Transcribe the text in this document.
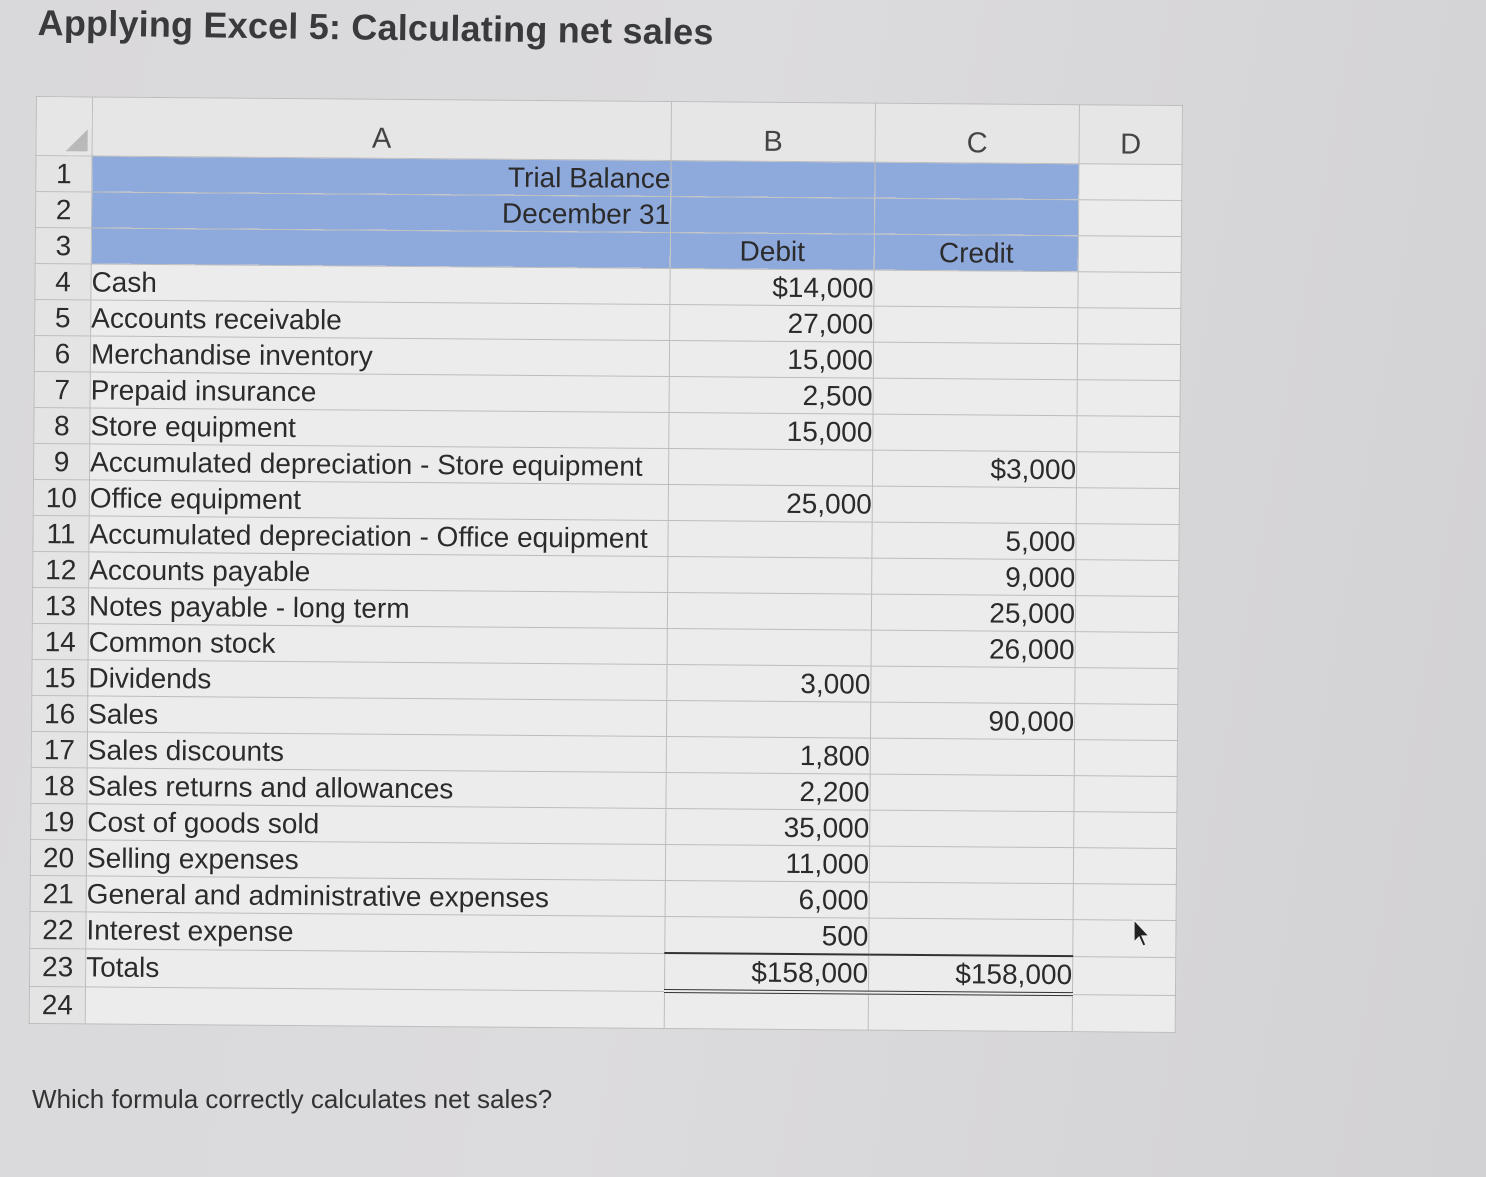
Applying Excel 5: Calculating net sales
	A	B	C	D
1	Trial Balance			
2	December 31			
3		Debit	Credit	
4	Cash	$14,000		
5	Accounts receivable	27,000		
6	Merchandise inventory	15,000		
7	Prepaid insurance	2,500		
8	Store equipment	15,000		
9	Accumulated depreciation - Store equipment		$3,000	
10	Office equipment	25,000		
11	Accumulated depreciation - Office equipment		5,000	
12	Accounts payable		9,000	
13	Notes payable - long term		25,000	
14	Common stock		26,000	
15	Dividends	3,000		
16	Sales		90,000	
17	Sales discounts	1,800		
18	Sales returns and allowances	2,200		
19	Cost of goods sold	35,000		
20	Selling expenses	11,000		
21	General and administrative expenses	6,000		
22	Interest expense	500		
23	Totals	$158,000	$158,000	
24				
Which formula correctly calculates net sales?
